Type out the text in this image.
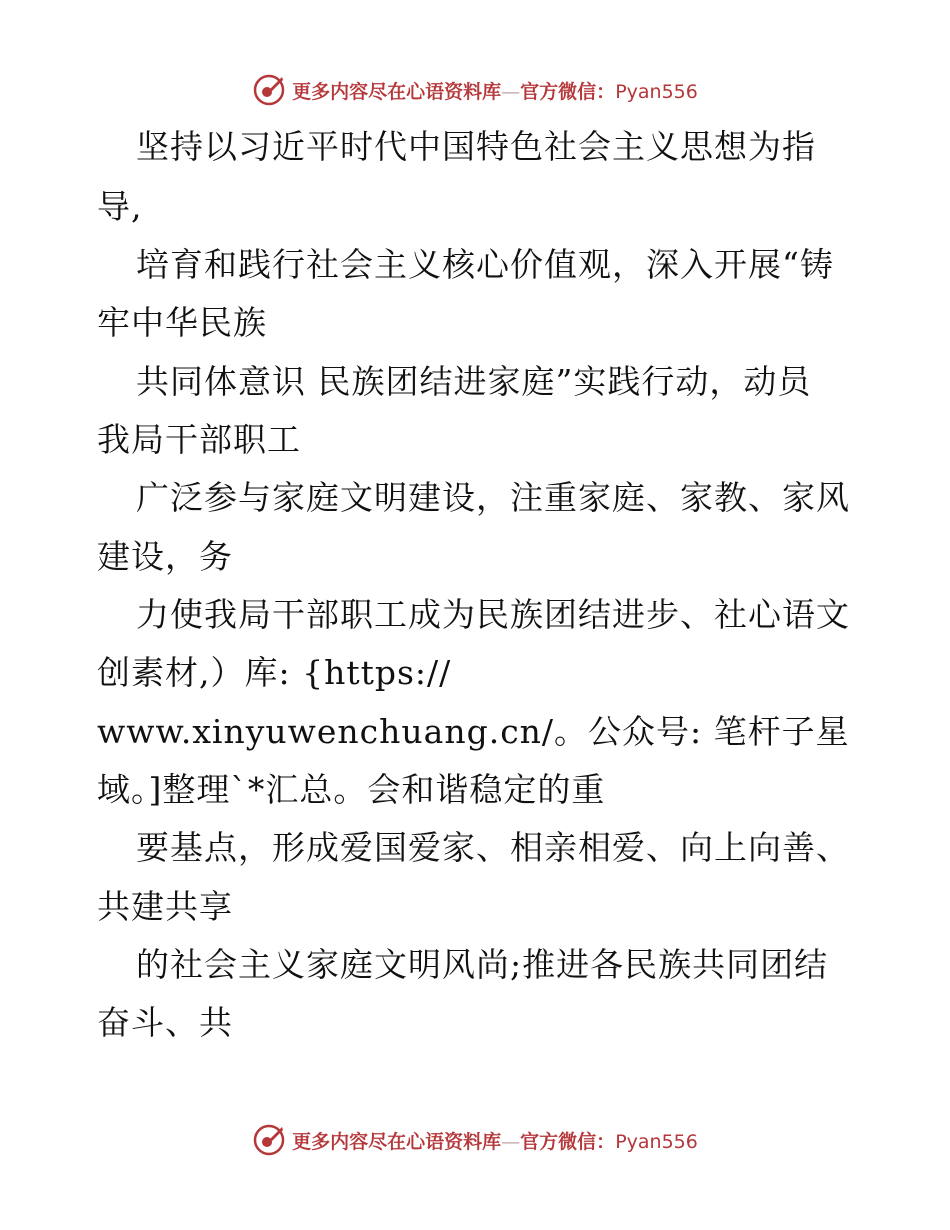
更多内容尽在心语资料库—官方微信：Pyan556
坚持以习近平时代中国特色社会主义思想为指
导,
培育和践行社会主义核心价值观，深入开展“铸
牢中华民族
共同体意识 民族团结进家庭”实践行动，动员
我局干部职工
广泛参与家庭文明建设，注重家庭、家教、家风
建设，务
力使我局干部职工成为民族团结进步、社心语文
创素材,）库: {https://
www.xinyuwenchuang.cn/。公众号: 笔杆子星
域。]整理`*汇总。会和谐稳定的重
要基点，形成爱国爱家、相亲相爱、向上向善、
共建共享
的社会主义家庭文明风尚;推进各民族共同团结
奋斗、共
更多内容尽在心语资料库—官方微信：Pyan556
